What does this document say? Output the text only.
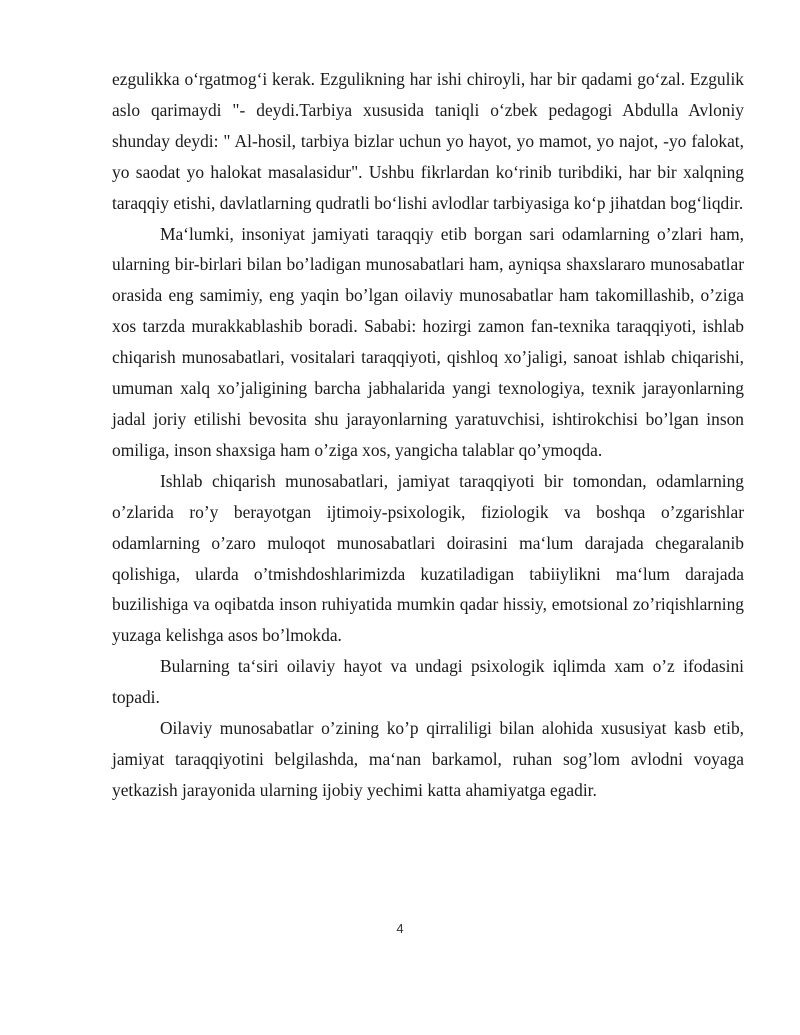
ezgulikka o‘rgatmog‘i kerak. Ezgulikning har ishi chiroyli, har bir qadami go‘zal. Ezgulik aslo qarimaydi "- deydi.Tarbiya xususida taniqli o‘zbek pedagogi Abdulla Avloniy shunday deydi: " Al-hosil, tarbiya bizlar uchun yo hayot, yo mamot, yo najot, -yo falokat, yo saodat yo halokat masalasidur". Ushbu fikrlardan ko‘rinib turibdiki, har bir xalqning taraqqiy etishi, davlatlarning qudratli bo‘lishi avlodlar tarbiyasiga ko‘p jihatdan bog‘liqdir.

Ma‘lumki, insoniyat jamiyati taraqqiy etib borgan sari odamlarning o’zlari ham, ularning bir-birlari bilan bo’ladigan munosabatlari ham, ayniqsa shaxslararo munosabatlar orasida eng samimiy, eng yaqin bo’lgan oilaviy munosabatlar ham takomillashib, o’ziga xos tarzda murakkablashib boradi. Sababi: hozirgi zamon fan-texnika taraqqiyoti, ishlab chiqarish munosabatlari, vositalari taraqqiyoti, qishloq xo’jaligi, sanoat ishlab chiqarishi, umuman xalq xo’jaligining barcha jabhalarida yangi texnologiya, texnik jarayonlarning jadal joriy etilishi bevosita shu jarayonlarning yaratuvchisi, ishtirokchisi bo’lgan inson omiliga, inson shaxsiga ham o’ziga xos, yangicha talablar qo’ymoqda.

Ishlab chiqarish munosabatlari, jamiyat taraqqiyoti bir tomondan, odamlarning o’zlarida ro’y berayotgan ijtimoiy-psixologik, fiziologik va boshqa o’zgarishlar odamlarning o’zaro muloqot munosabatlari doirasini ma‘lum darajada chegaralanib qolishiga, ularda o’tmishdoshlarimizda kuzatiladigan tabiiylikni ma‘lum darajada buzilishiga va oqibatda inson ruhiyatida mumkin qadar hissiy, emotsional zo’riqishlarning yuzaga kelishga asos bo’lmokda.

Bularning ta‘siri oilaviy hayot va undagi psixologik iqlimda xam o’z ifodasini topadi.

Oilaviy munosabatlar o’zining ko’p qirraliligi bilan alohida xususiyat kasb etib, jamiyat taraqqiyotini belgilashda, ma‘nan barkamol, ruhan sog’lom avlodni voyaga yetkazish jarayonida ularning ijobiy yechimi katta ahamiyatga egadir.

4
